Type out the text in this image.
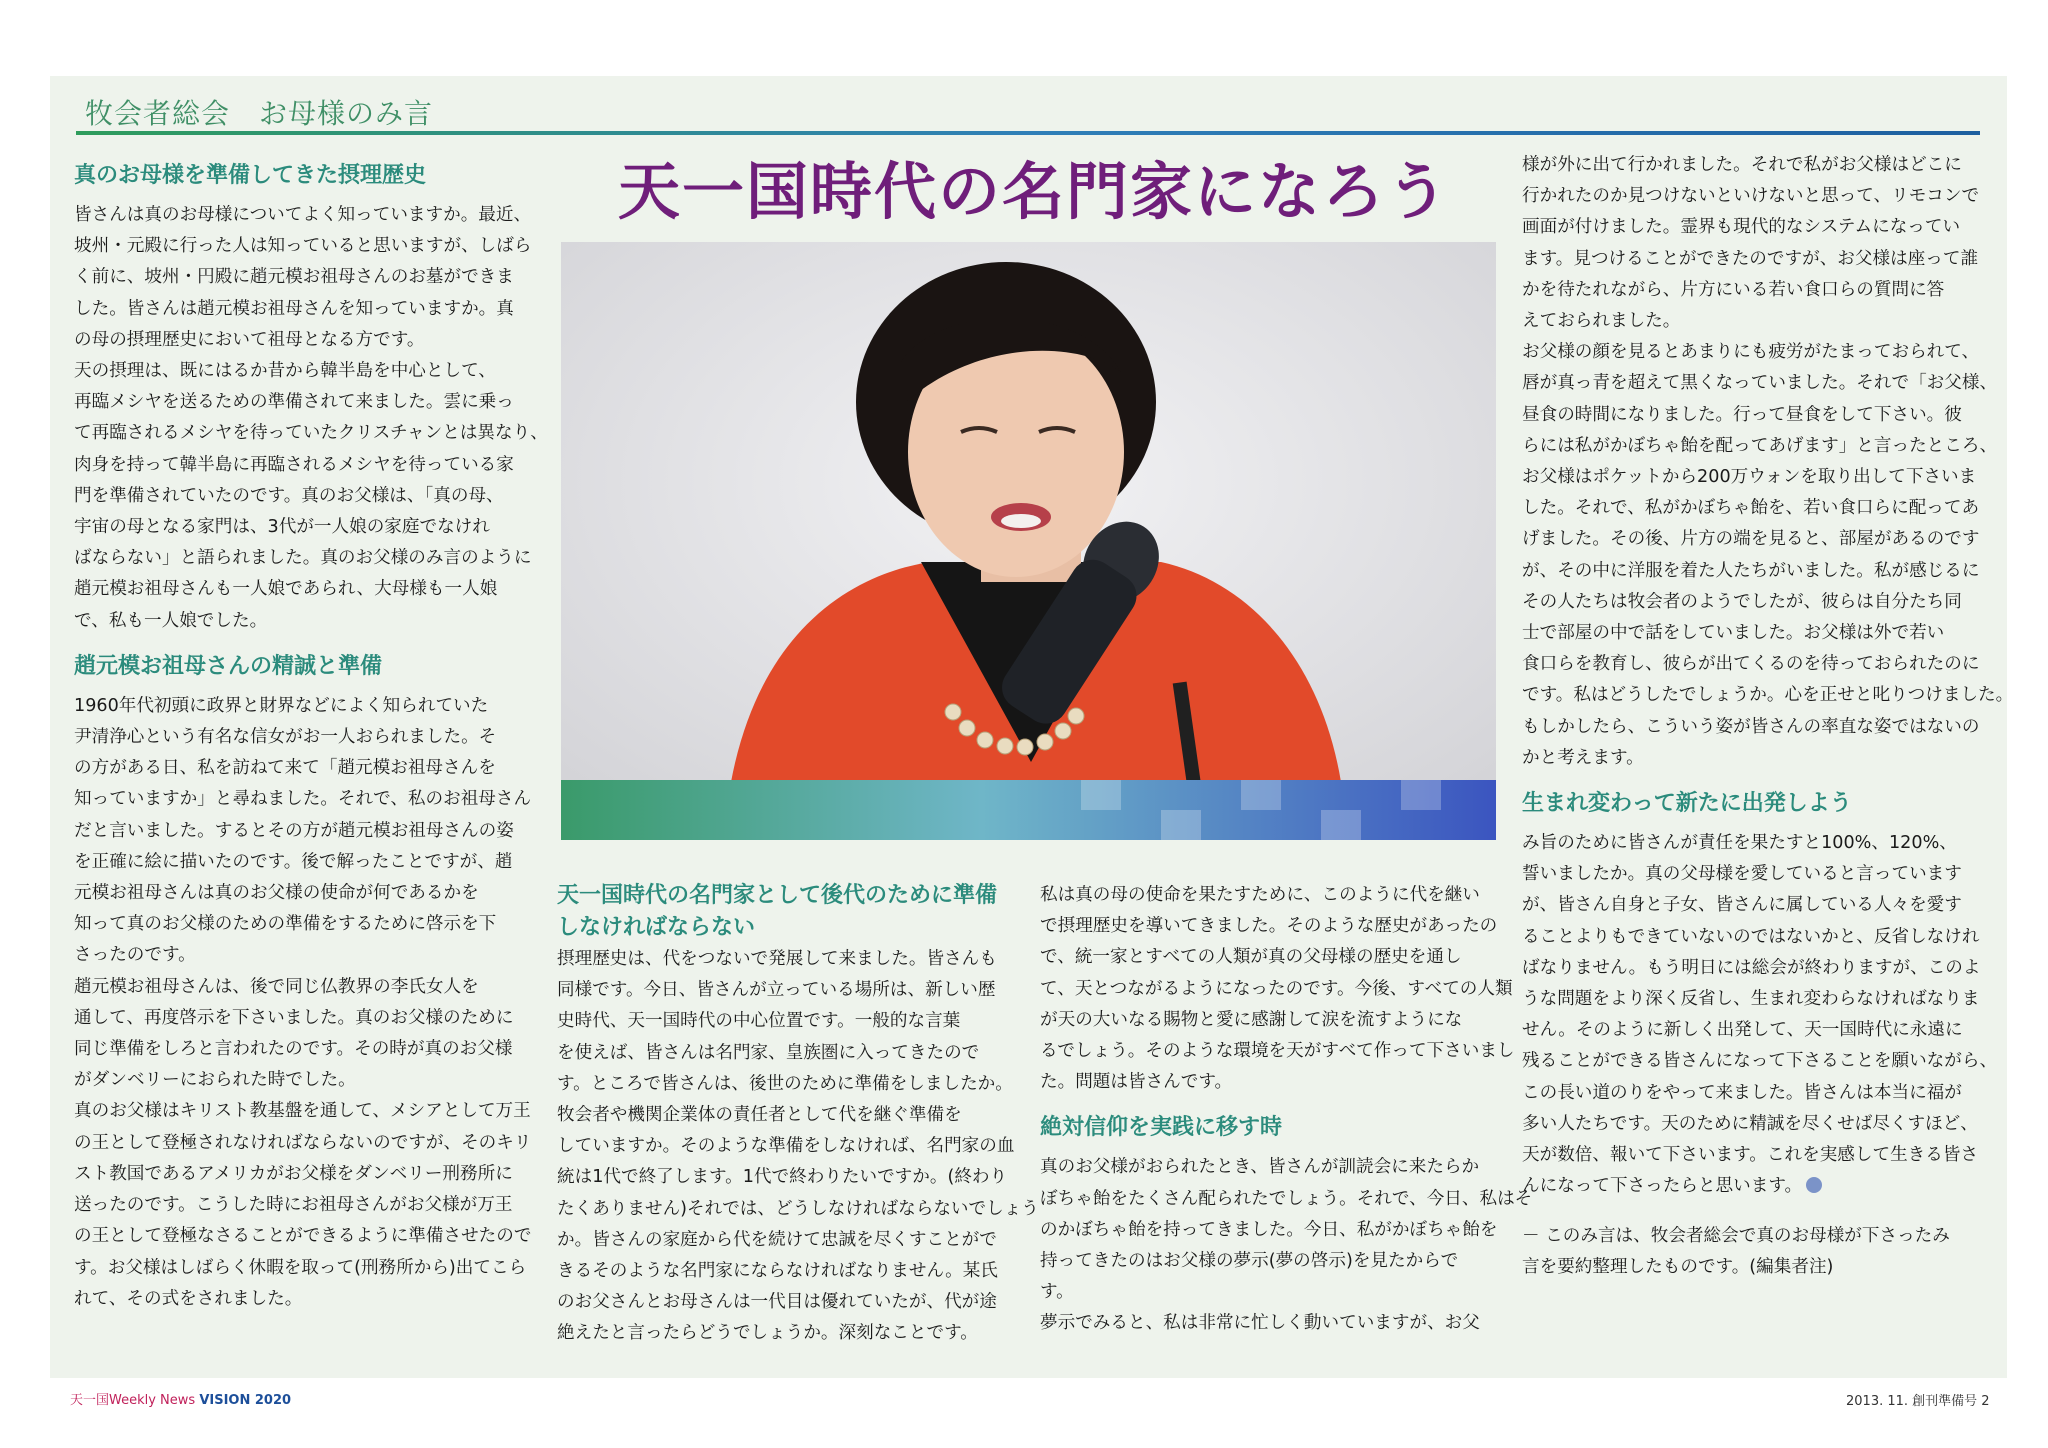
牧会者総会　お母様のみ言
天一国時代の名門家になろう
真のお母様を準備してきた摂理歴史

皆さんは真のお母様についてよく知っていますか。最近、

坡州・元殿に行った人は知っていると思いますが、しばら

く前に、坡州・円殿に趙元模お祖母さんのお墓ができま

した。皆さんは趙元模お祖母さんを知っていますか。真

の母の摂理歴史において祖母となる方です。

天の摂理は、既にはるか昔から韓半島を中心として、

再臨メシヤを送るための準備されて来ました。雲に乗っ

て再臨されるメシヤを待っていたクリスチャンとは異なり、

肉身を持って韓半島に再臨されるメシヤを待っている家

門を準備されていたのです。真のお父様は、「真の母、

宇宙の母となる家門は、3代が一人娘の家庭でなけれ

ばならない」と語られました。真のお父様のみ言のように

趙元模お祖母さんも一人娘であられ、大母様も一人娘

で、私も一人娘でした。

趙元模お祖母さんの精誠と準備

1960年代初頭に政界と財界などによく知られていた

尹清浄心という有名な信女がお一人おられました。そ

の方がある日、私を訪ねて来て「趙元模お祖母さんを

知っていますか」と尋ねました。それで、私のお祖母さん

だと言いました。するとその方が趙元模お祖母さんの姿

を正確に絵に描いたのです。後で解ったことですが、趙

元模お祖母さんは真のお父様の使命が何であるかを

知って真のお父様のための準備をするために啓示を下

さったのです。

趙元模お祖母さんは、後で同じ仏教界の李氏女人を

通して、再度啓示を下さいました。真のお父様のために

同じ準備をしろと言われたのです。その時が真のお父様

がダンベリーにおられた時でした。

真のお父様はキリスト教基盤を通して、メシアとして万王

の王として登極されなければならないのですが、そのキリ

スト教国であるアメリカがお父様をダンベリー刑務所に

送ったのです。こうした時にお祖母さんがお父様が万王

の王として登極なさることができるように準備させたので

す。お父様はしばらく休暇を取って(刑務所から)出てこら

れて、その式をされました。

天一国時代の名門家として後代のために準備
しなければならない

摂理歴史は、代をつないで発展して来ました。皆さんも

同様です。今日、皆さんが立っている場所は、新しい歴

史時代、天一国時代の中心位置です。一般的な言葉

を使えば、皆さんは名門家、皇族圏に入ってきたので

す。ところで皆さんは、後世のために準備をしましたか。

牧会者や機関企業体の責任者として代を継ぐ準備を

していますか。そのような準備をしなければ、名門家の血

統は1代で終了します。1代で終わりたいですか。(終わり

たくありません)それでは、どうしなければならないでしょう

か。皆さんの家庭から代を続けて忠誠を尽くすことがで

きるそのような名門家にならなければなりません。某氏

のお父さんとお母さんは一代目は優れていたが、代が途

絶えたと言ったらどうでしょうか。深刻なことです。

私は真の母の使命を果たすために、このように代を継い

で摂理歴史を導いてきました。そのような歴史があったの

で、統一家とすべての人類が真の父母様の歴史を通し

て、天とつながるようになったのです。今後、すべての人類

が天の大いなる賜物と愛に感謝して涙を流すようにな

るでしょう。そのような環境を天がすべて作って下さいまし

た。問題は皆さんです。

絶対信仰を実践に移す時

真のお父様がおられたとき、皆さんが訓読会に来たらか

ぼちゃ飴をたくさん配られたでしょう。それで、今日、私はそ

のかぼちゃ飴を持ってきました。今日、私がかぼちゃ飴を

持ってきたのはお父様の夢示(夢の啓示)を見たからで

す。

夢示でみると、私は非常に忙しく動いていますが、お父

様が外に出て行かれました。それで私がお父様はどこに

行かれたのか見つけないといけないと思って、リモコンで

画面が付けました。霊界も現代的なシステムになってい

ます。見つけることができたのですが、お父様は座って誰

かを待たれながら、片方にいる若い食口らの質問に答

えておられました。

お父様の顔を見るとあまりにも疲労がたまっておられて、

唇が真っ青を超えて黒くなっていました。それで「お父様、

昼食の時間になりました。行って昼食をして下さい。彼

らには私がかぼちゃ飴を配ってあげます」と言ったところ、

お父様はポケットから200万ウォンを取り出して下さいま

した。それで、私がかぼちゃ飴を、若い食口らに配ってあ

げました。その後、片方の端を見ると、部屋があるのです

が、その中に洋服を着た人たちがいました。私が感じるに

その人たちは牧会者のようでしたが、彼らは自分たち同

士で部屋の中で話をしていました。お父様は外で若い

食口らを教育し、彼らが出てくるのを待っておられたのに

です。私はどうしたでしょうか。心を正せと叱りつけました。

もしかしたら、こういう姿が皆さんの率直な姿ではないの

かと考えます。

生まれ変わって新たに出発しよう

み旨のために皆さんが責任を果たすと100%、120%、

誓いましたか。真の父母様を愛していると言っています

が、皆さん自身と子女、皆さんに属している人々を愛す

ることよりもできていないのではないかと、反省しなけれ

ばなりません。もう明日には総会が終わりますが、このよ

うな問題をより深く反省し、生まれ変わらなければなりま

せん。そのように新しく出発して、天一国時代に永遠に

残ることができる皆さんになって下さることを願いながら、

この長い道のりをやって来ました。皆さんは本当に福が

多い人たちです。天のために精誠を尽くせば尽くすほど、

天が数倍、報いて下さいます。これを実感して生きる皆さ

んになって下さったらと思います。

－ このみ言は、牧会者総会で真のお母様が下さったみ

言を要約整理したものです。(編集者注)

天一国Weekly News VISION 2020	2013. 11. 創刊準備号 2
